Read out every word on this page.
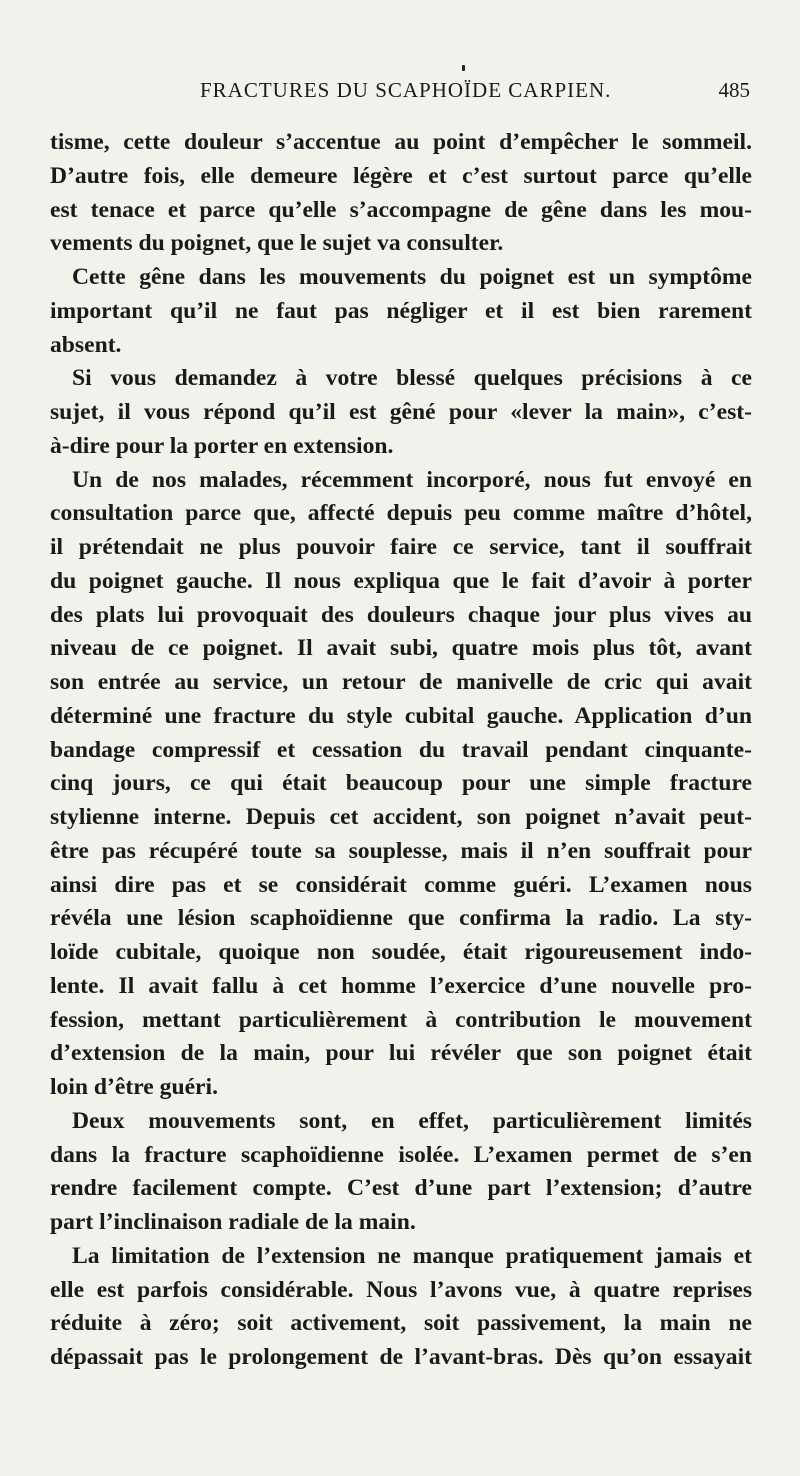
FRACTURES DU SCAPHOÏDE CARPIEN.	485
tisme, cette douleur s’accentue au point d’empêcher le sommeil.
D’autre fois, elle demeure légère et c’est surtout parce qu’elle
est tenace et parce qu’elle s’accompagne de gêne dans les mou-
vements du poignet, que le sujet va consulter.
Cette gêne dans les mouvements du poignet est un symptôme
important qu’il ne faut pas négliger et il est bien rarement
absent.
Si vous demandez à votre blessé quelques précisions à ce
sujet, il vous répond qu’il est gêné pour «lever la main», c’est-
à-dire pour la porter en extension.
Un de nos malades, récemment incorporé, nous fut envoyé en
consultation parce que, affecté depuis peu comme maître d’hôtel,
il prétendait ne plus pouvoir faire ce service, tant il souffrait
du poignet gauche. Il nous expliqua que le fait d’avoir à porter
des plats lui provoquait des douleurs chaque jour plus vives au
niveau de ce poignet. Il avait subi, quatre mois plus tôt, avant
son entrée au service, un retour de manivelle de cric qui avait
déterminé une fracture du style cubital gauche. Application d’un
bandage compressif et cessation du travail pendant cinquante-
cinq jours, ce qui était beaucoup pour une simple fracture
stylienne interne. Depuis cet accident, son poignet n’avait peut-
être pas récupéré toute sa souplesse, mais il n’en souffrait pour
ainsi dire pas et se considérait comme guéri. L’examen nous
révéla une lésion scaphoïdienne que confirma la radio. La sty-
loïde cubitale, quoique non soudée, était rigoureusement indo-
lente. Il avait fallu à cet homme l’exercice d’une nouvelle pro-
fession, mettant particulièrement à contribution le mouvement
d’extension de la main, pour lui révéler que son poignet était
loin d’être guéri.
Deux mouvements sont, en effet, particulièrement limités
dans la fracture scaphoïdienne isolée. L’examen permet de s’en
rendre facilement compte. C’est d’une part l’extension; d’autre
part l’inclinaison radiale de la main.
La limitation de l’extension ne manque pratiquement jamais et
elle est parfois considérable. Nous l’avons vue, à quatre reprises
réduite à zéro; soit activement, soit passivement, la main ne
dépassait pas le prolongement de l’avant-bras. Dès qu’on essayait
